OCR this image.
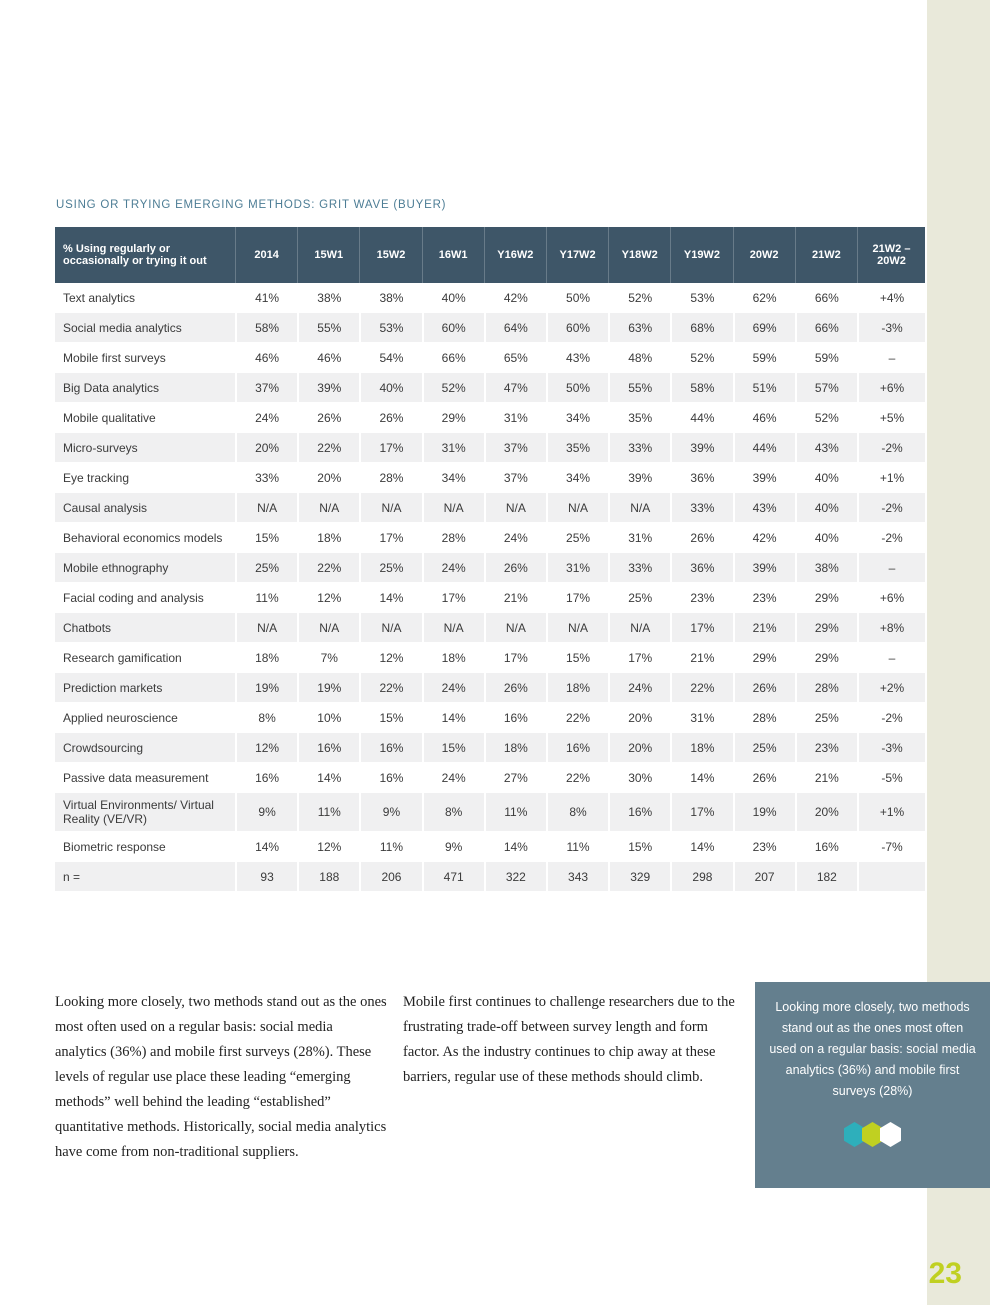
USING OR TRYING EMERGING METHODS: GRIT WAVE (BUYER)
% Using regularly or occasionally or trying it out	2014	15W1	15W2	16W1	Y16W2	Y17W2	Y18W2	Y19W2	20W2	21W2	21W2 – 20W2
Text analytics	41%	38%	38%	40%	42%	50%	52%	53%	62%	66%	+4%
Social media analytics	58%	55%	53%	60%	64%	60%	63%	68%	69%	66%	-3%
Mobile first surveys	46%	46%	54%	66%	65%	43%	48%	52%	59%	59%	–
Big Data analytics	37%	39%	40%	52%	47%	50%	55%	58%	51%	57%	+6%
Mobile qualitative	24%	26%	26%	29%	31%	34%	35%	44%	46%	52%	+5%
Micro-surveys	20%	22%	17%	31%	37%	35%	33%	39%	44%	43%	-2%
Eye tracking	33%	20%	28%	34%	37%	34%	39%	36%	39%	40%	+1%
Causal analysis	N/A	N/A	N/A	N/A	N/A	N/A	N/A	33%	43%	40%	-2%
Behavioral economics models	15%	18%	17%	28%	24%	25%	31%	26%	42%	40%	-2%
Mobile ethnography	25%	22%	25%	24%	26%	31%	33%	36%	39%	38%	–
Facial coding and analysis	11%	12%	14%	17%	21%	17%	25%	23%	23%	29%	+6%
Chatbots	N/A	N/A	N/A	N/A	N/A	N/A	N/A	17%	21%	29%	+8%
Research gamification	18%	7%	12%	18%	17%	15%	17%	21%	29%	29%	–
Prediction markets	19%	19%	22%	24%	26%	18%	24%	22%	26%	28%	+2%
Applied neuroscience	8%	10%	15%	14%	16%	22%	20%	31%	28%	25%	-2%
Crowdsourcing	12%	16%	16%	15%	18%	16%	20%	18%	25%	23%	-3%
Passive data measurement	16%	14%	16%	24%	27%	22%	30%	14%	26%	21%	-5%
Virtual Environments/ Virtual Reality (VE/VR)	9%	11%	9%	8%	11%	8%	16%	17%	19%	20%	+1%
Biometric response	14%	12%	11%	9%	14%	11%	15%	14%	23%	16%	-7%
n =	93	188	206	471	322	343	329	298	207	182	
Looking more closely, two methods stand out as the ones most often used on a regular basis: social media analytics (36%) and mobile first surveys (28%). These levels of regular use place these leading “emerging methods” well behind the leading “established” quantitative methods. Historically, social media analytics have come from non-traditional suppliers.
Mobile first continues to challenge researchers due to the frustrating trade-off between survey length and form factor. As the industry continues to chip away at these barriers, regular use of these methods should climb.
Looking more closely, two methods stand out as the ones most often used on a regular basis: social media analytics (36%) and mobile first surveys (28%)
23
